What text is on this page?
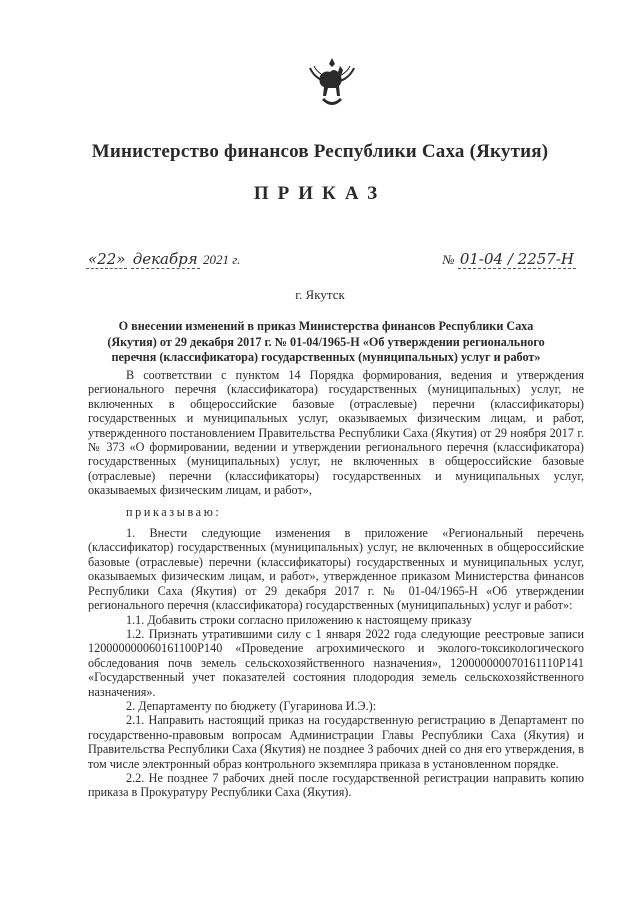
Министерство финансов Республики Саха (Якутия)
ПРИКАЗ
«22» декабря 2021 г.	№ 01-04 / 2257-Н
г. Якутск
О внесении изменений в приказ Министерства финансов Республики Саха (Якутия) от 29 декабря 2017 г. № 01-04/1965-Н «Об утверждении регионального перечня (классификатора) государственных (муниципальных) услуг и работ»

В соответствии с пунктом 14 Порядка формирования, ведения и утверждения регионального перечня (классификатора) государственных (муниципальных) услуг, не включенных в общероссийские базовые (отраслевые) перечни (классификаторы) государственных и муниципальных услуг, оказываемых физическим лицам, и работ, утвержденного постановлением Правительства Республики Саха (Якутия) от 29 ноября 2017 г. № 373 «О формировании, ведении и утверждении регионального перечня (классификатора) государственных (муниципальных) услуг, не включенных в общероссийские базовые (отраслевые) перечни (классификаторы) государственных и муниципальных услуг, оказываемых физическим лицам, и работ»,

приказываю:

1. Внести следующие изменения в приложение «Региональный перечень (классификатор) государственных (муниципальных) услуг, не включенных в общероссийские базовые (отраслевые) перечни (классификаторы) государственных и муниципальных услуг, оказываемых физическим лицам, и работ», утвержденное приказом Министерства финансов Республики Саха (Якутия) от 29 декабря 2017 г. № 01-04/1965-Н «Об утверждении регионального перечня (классификатора) государственных (муниципальных) услуг и работ»:

1.1. Добавить строки согласно приложению к настоящему приказу

1.2. Признать утратившими силу с 1 января 2022 года следующие реестровые записи 120000000060161100Р140 «Проведение агрохимического и эколого-токсикологического обследования почв земель сельскохозяйственного назначения», 120000000070161110Р141 «Государственный учет показателей состояния плодородия земель сельскохозяйственного назначения».

2. Департаменту по бюджету (Гугаринова И.Э.):

2.1. Направить настоящий приказ на государственную регистрацию в Департамент по государственно-правовым вопросам Администрации Главы Республики Саха (Якутия) и Правительства Республики Саха (Якутия) не позднее 3 рабочих дней со дня его утверждения, в том числе электронный образ контрольного экземпляра приказа в установленном порядке.

2.2. Не позднее 7 рабочих дней после государственной регистрации направить копию приказа в Прокуратуру Республики Саха (Якутия).
